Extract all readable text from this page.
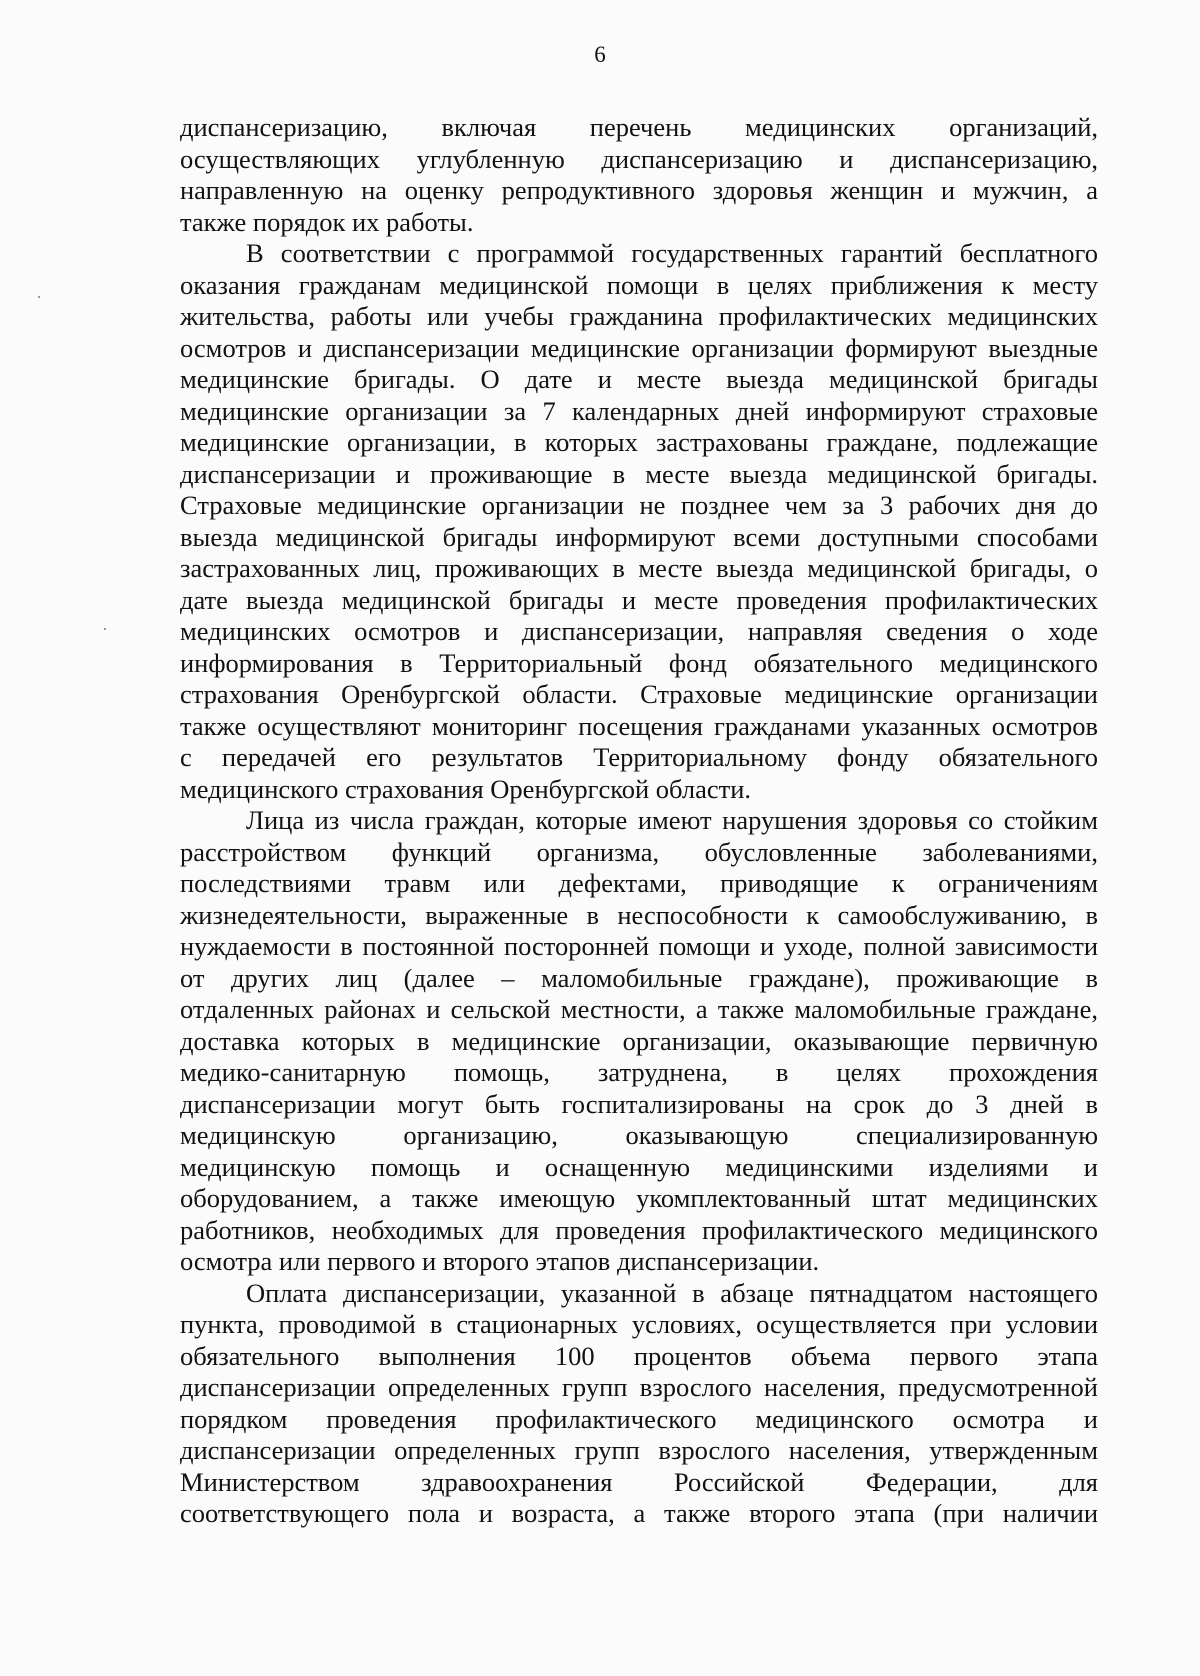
6
диспансеризацию, включая перечень медицинских организаций,
осуществляющих углубленную диспансеризацию и диспансеризацию,
направленную на оценку репродуктивного здоровья женщин и мужчин, а
также порядок их работы.
В соответствии с программой государственных гарантий бесплатного
оказания гражданам медицинской помощи в целях приближения к месту
жительства, работы или учебы гражданина профилактических медицинских
осмотров и диспансеризации медицинские организации формируют выездные
медицинские бригады. О дате и месте выезда медицинской бригады
медицинские организации за 7 календарных дней информируют страховые
медицинские организации, в которых застрахованы граждане, подлежащие
диспансеризации и проживающие в месте выезда медицинской бригады.
Страховые медицинские организации не позднее чем за 3 рабочих дня до
выезда медицинской бригады информируют всеми доступными способами
застрахованных лиц, проживающих в месте выезда медицинской бригады, о
дате выезда медицинской бригады и месте проведения профилактических
медицинских осмотров и диспансеризации, направляя сведения о ходе
информирования в Территориальный фонд обязательного медицинского
страхования Оренбургской области. Страховые медицинские организации
также осуществляют мониторинг посещения гражданами указанных осмотров
с передачей его результатов Территориальному фонду обязательного
медицинского страхования Оренбургской области.
Лица из числа граждан, которые имеют нарушения здоровья со стойким
расстройством функций организма, обусловленные заболеваниями,
последствиями травм или дефектами, приводящие к ограничениям
жизнедеятельности, выраженные в неспособности к самообслуживанию, в
нуждаемости в постоянной посторонней помощи и уходе, полной зависимости
от других лиц (далее – маломобильные граждане), проживающие в
отдаленных районах и сельской местности, а также маломобильные граждане,
доставка которых в медицинские организации, оказывающие первичную
медико-санитарную помощь, затруднена, в целях прохождения
диспансеризации могут быть госпитализированы на срок до 3 дней в
медицинскую организацию, оказывающую специализированную
медицинскую помощь и оснащенную медицинскими изделиями и
оборудованием, а также имеющую укомплектованный штат медицинских
работников, необходимых для проведения профилактического медицинского
осмотра или первого и второго этапов диспансеризации.
Оплата диспансеризации, указанной в абзаце пятнадцатом настоящего
пункта, проводимой в стационарных условиях, осуществляется при условии
обязательного выполнения 100 процентов объема первого этапа
диспансеризации определенных групп взрослого населения, предусмотренной
порядком проведения профилактического медицинского осмотра и
диспансеризации определенных групп взрослого населения, утвержденным
Министерством здравоохранения Российской Федерации, для
соответствующего пола и возраста, а также второго этапа (при наличии
